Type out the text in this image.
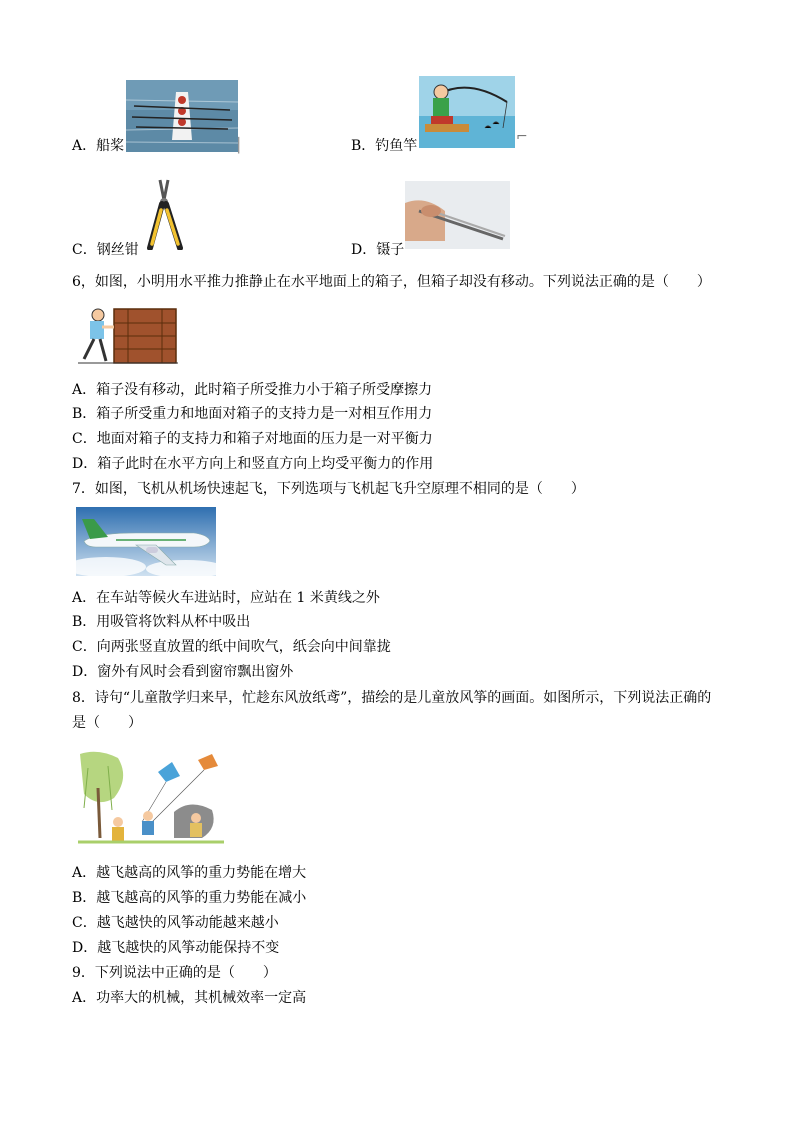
A．船桨	▏	B．钓鱼竿
⌐
C．钢丝钳	D．镊子
6，如图，小明用水平推力推静止在水平地面上的箱子，但箱子却没有移动。下列说法正确的是（　　）
A．箱子没有移动，此时箱子所受推力小于箱子所受摩擦力
B．箱子所受重力和地面对箱子的支持力是一对相互作用力
C．地面对箱子的支持力和箱子对地面的压力是一对平衡力
D．箱子此时在水平方向上和竖直方向上均受平衡力的作用
7．如图，飞机从机场快速起飞，下列选项与飞机起飞升空原理不相同的是（　　）
A．在车站等候火车进站时，应站在 1 米黄线之外
B．用吸管将饮料从杯中吸出
C．向两张竖直放置的纸中间吹气，纸会向中间靠拢
D．窗外有风时会看到窗帘飘出窗外
8．诗句“儿童散学归来早，忙趁东风放纸鸢”，描绘的是儿童放风筝的画面。如图所示，下列说法正确的
是（　　）
A．越飞越高的风筝的重力势能在增大
B．越飞越高的风筝的重力势能在减小
C．越飞越快的风筝动能越来越小
D．越飞越快的风筝动能保持不变
9．下列说法中正确的是（　　）
A．功率大的机械，其机械效率一定高
